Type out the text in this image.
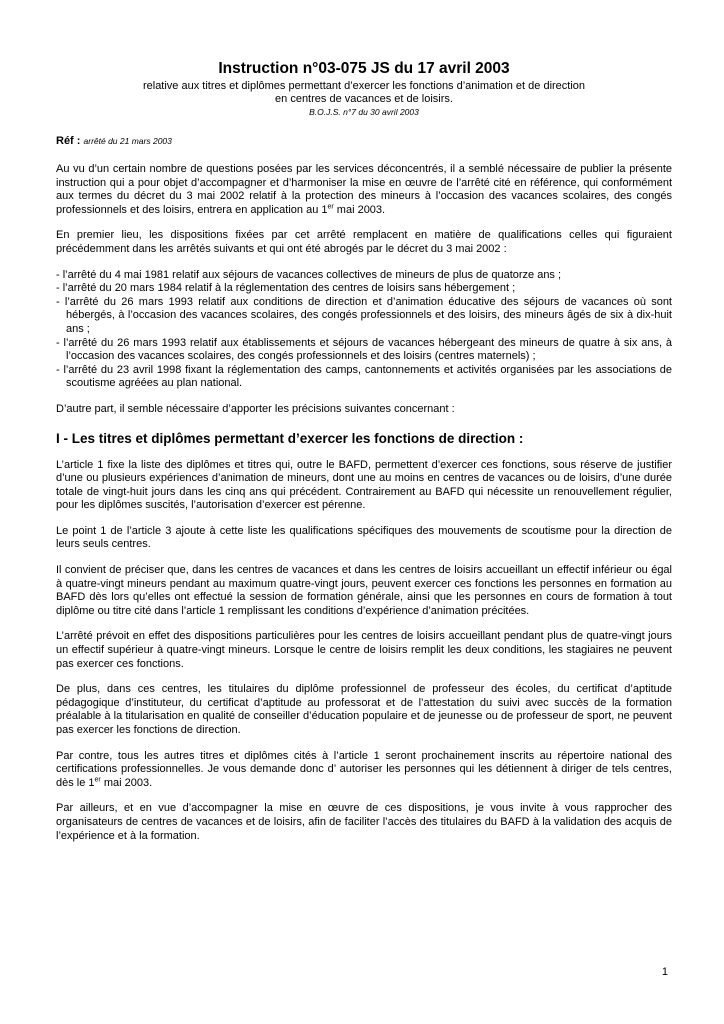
Instruction n°03-075 JS du 17 avril 2003
relative aux titres et diplômes permettant d’exercer les fonctions d’animation et de direction
en centres de vacances et de loisirs.
B.O.J.S. n°7 du 30 avril 2003
Réf : arrêté du 21 mars 2003

Au vu d’un certain nombre de questions posées par les services déconcentrés, il a semblé nécessaire de publier la présente instruction qui a pour objet d’accompagner et d’harmoniser la mise en œuvre de l’arrêté cité en référence, qui conformément aux termes du décret du 3 mai 2002 relatif à la protection des mineurs à l’occasion des vacances scolaires, des congés professionnels et des loisirs, entrera en application au 1er mai 2003.

En premier lieu, les dispositions fixées par cet arrêté remplacent en matière de qualifications celles qui figuraient précédemment dans les arrêtés suivants et qui ont été abrogés par le décret du 3 mai 2002 :

- l’arrêté du 4 mai 1981 relatif aux séjours de vacances collectives de mineurs de plus de quatorze ans ;
- l’arrêté du 20 mars 1984 relatif à la réglementation des centres de loisirs sans hébergement ;
- l’arrêté du 26 mars 1993 relatif aux conditions de direction et d’animation éducative des séjours de vacances où sont hébergés, à l’occasion des vacances scolaires, des congés professionnels et des loisirs, des mineurs âgés de six à dix-huit ans ;
- l’arrêté du 26 mars 1993 relatif aux établissements et séjours de vacances hébergeant des mineurs de quatre à six ans, à l’occasion des vacances scolaires, des congés professionnels et des loisirs (centres maternels) ;
- l’arrêté du 23 avril 1998 fixant la réglementation des camps, cantonnements et activités organisées par les associations de scoutisme agréées au plan national.

D’autre part, il semble nécessaire d’apporter les précisions suivantes concernant :

I - Les titres et diplômes permettant d’exercer les fonctions de direction :

L’article 1 fixe la liste des diplômes et titres qui, outre le BAFD, permettent d’exercer ces fonctions, sous réserve de justifier d’une ou plusieurs expériences d’animation de mineurs, dont une au moins en centres de vacances ou de loisirs, d’une durée totale de vingt-huit jours dans les cinq ans qui précédent. Contrairement au BAFD qui nécessite un renouvellement régulier, pour les diplômes suscités, l’autorisation d’exercer est pérenne.

Le point 1 de l’article 3 ajoute à cette liste les qualifications spécifiques des mouvements de scoutisme pour la direction de leurs seuls centres.

Il convient de préciser que, dans les centres de vacances et dans les centres de loisirs accueillant un effectif inférieur ou égal à quatre-vingt mineurs pendant au maximum quatre-vingt jours, peuvent exercer ces fonctions les personnes en formation au BAFD dès lors qu’elles ont effectué la session de formation générale, ainsi que les personnes en cours de formation à tout diplôme ou titre cité dans l’article 1 remplissant les conditions d’expérience d’animation précitées.

L’arrêté prévoit en effet des dispositions particulières pour les centres de loisirs accueillant pendant plus de quatre-vingt jours un effectif supérieur à quatre-vingt mineurs. Lorsque le centre de loisirs remplit les deux conditions, les stagiaires ne peuvent pas exercer ces fonctions.

De plus, dans ces centres, les titulaires du diplôme professionnel de professeur des écoles, du certificat d’aptitude pédagogique d’instituteur, du certificat d’aptitude au professorat et de l’attestation du suivi avec succès de la formation préalable à la titularisation en qualité de conseiller d’éducation populaire et de jeunesse ou de professeur de sport, ne peuvent pas exercer les fonctions de direction.

Par contre, tous les autres titres et diplômes cités à l’article 1 seront prochainement inscrits au répertoire national des certifications professionnelles. Je vous demande donc d’ autoriser les personnes qui les détiennent à diriger de tels centres, dès le 1er mai 2003.

Par ailleurs, et en vue d’accompagner la mise en œuvre de ces dispositions, je vous invite à vous rapprocher des organisateurs de centres de vacances et de loisirs, afin de faciliter l’accès des titulaires du BAFD à la validation des acquis de l’expérience et à la formation.

1
